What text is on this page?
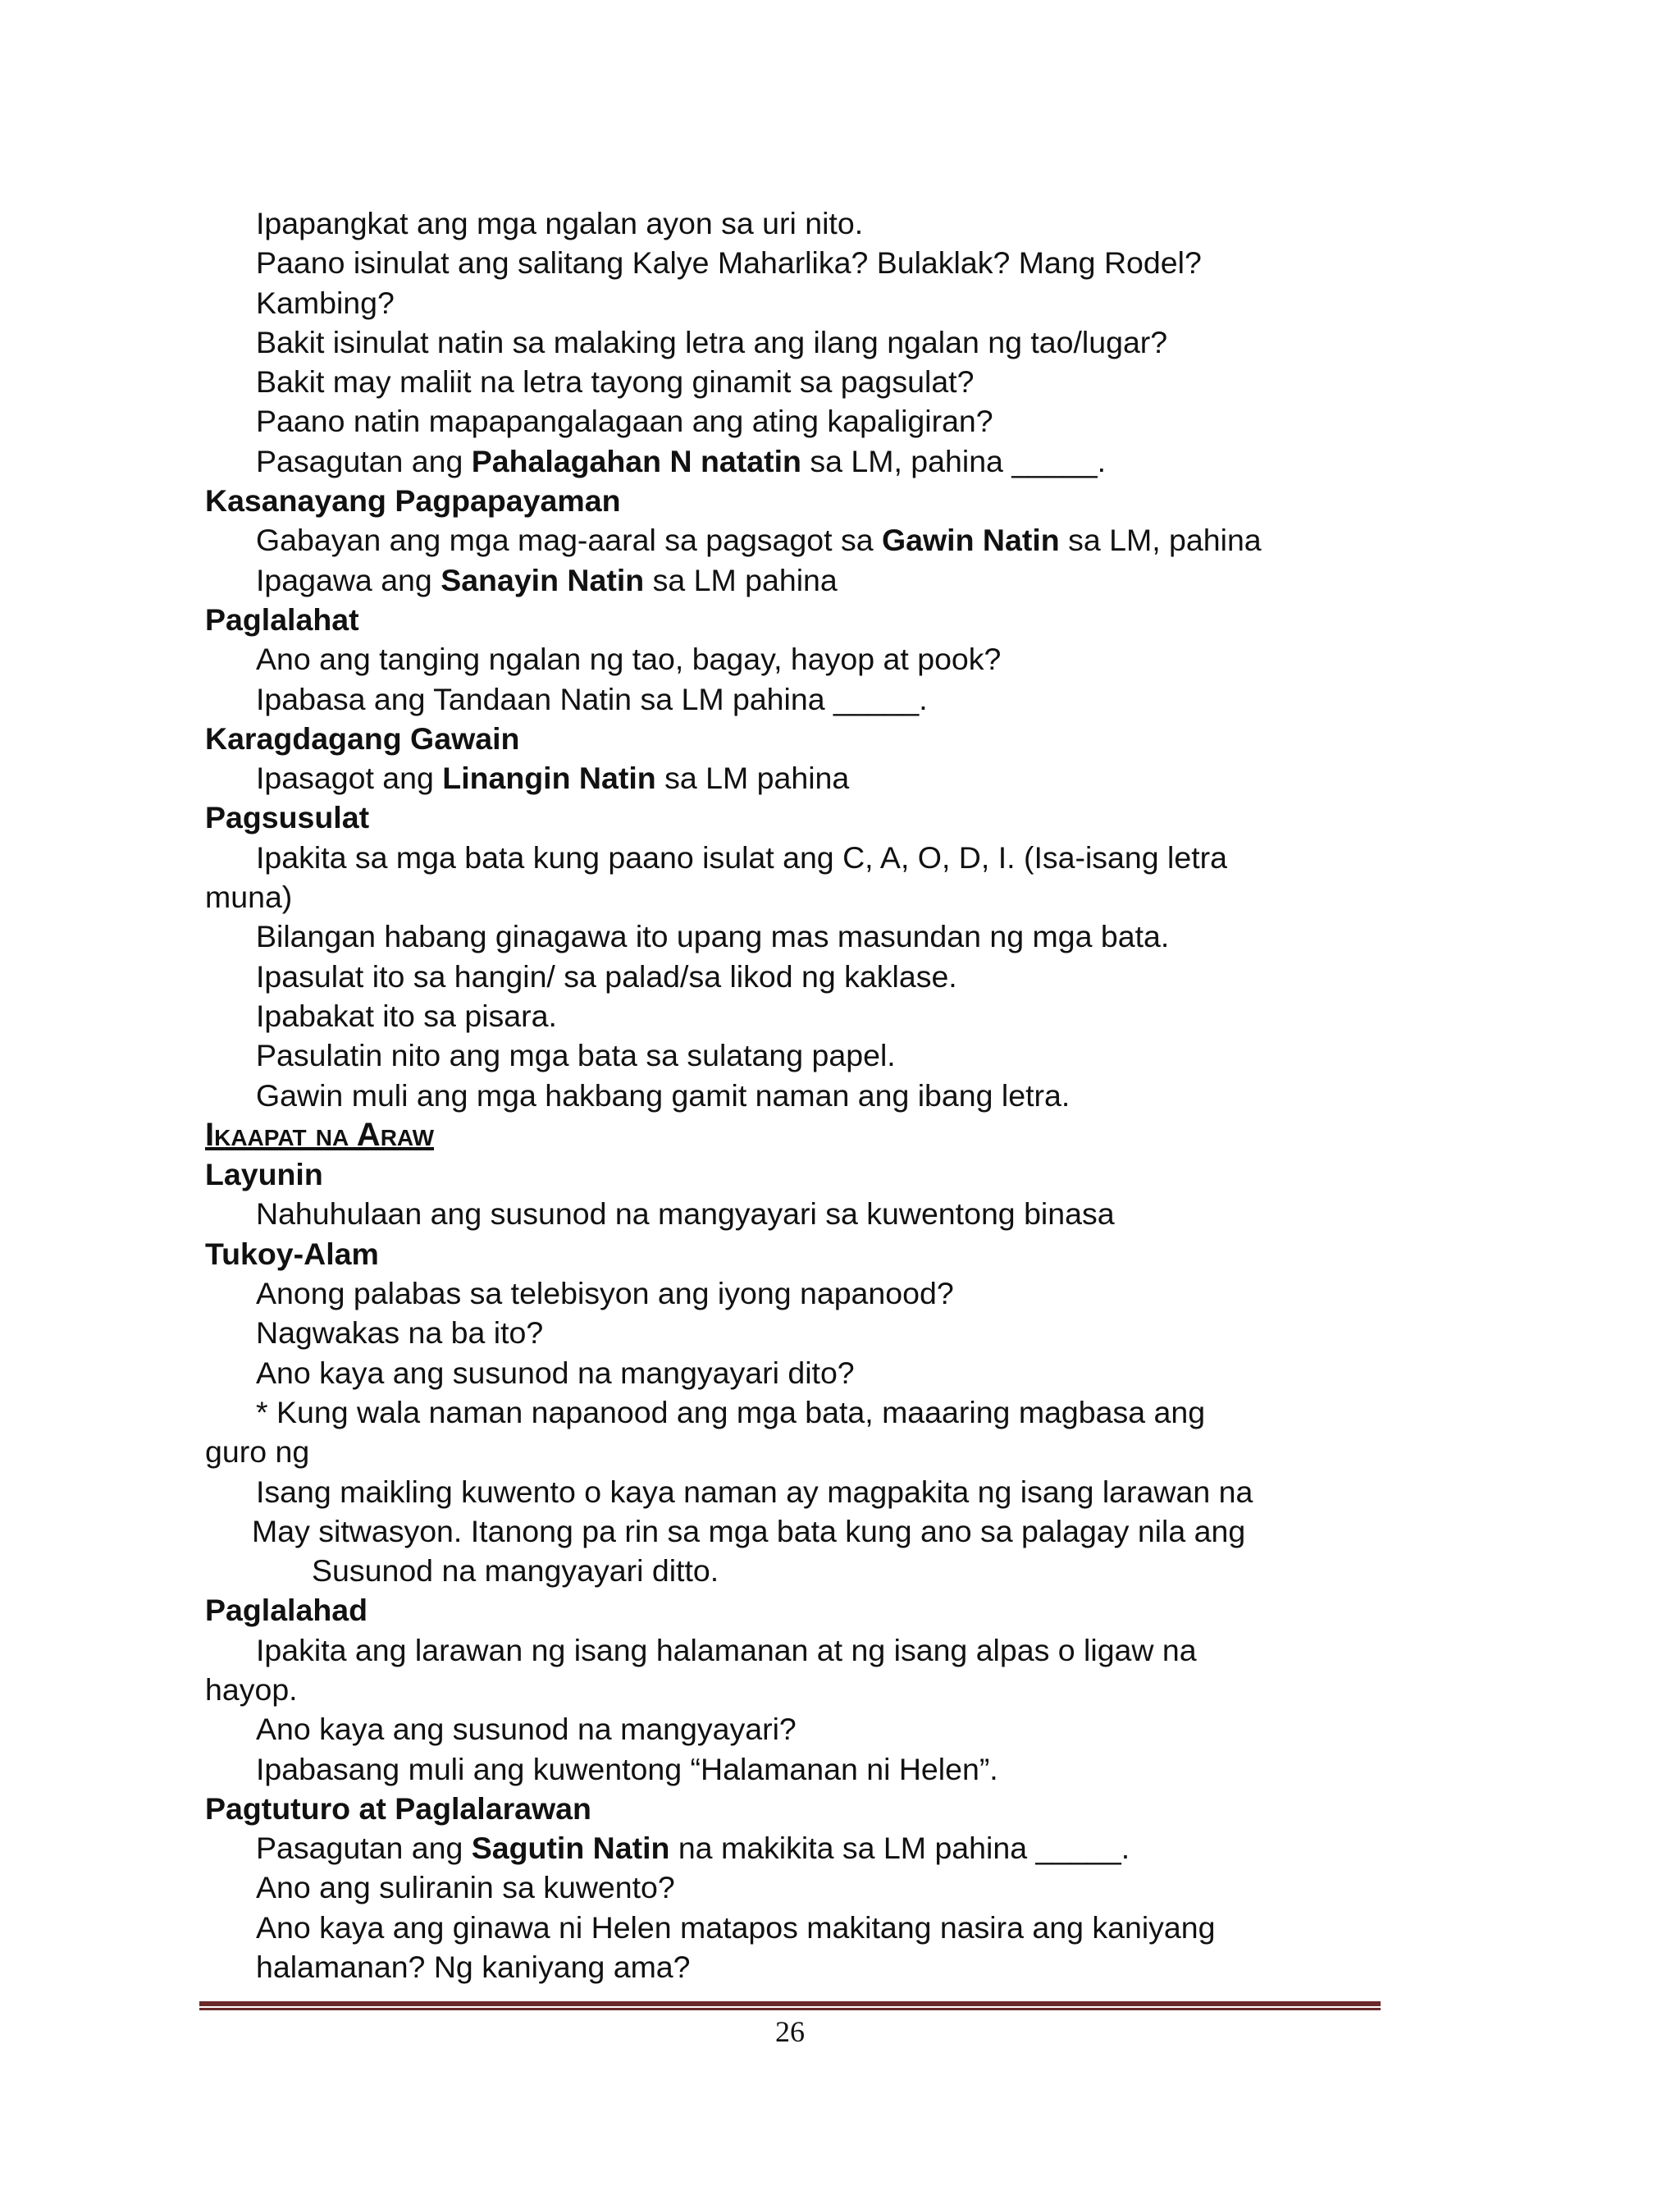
Ipapangkat ang mga ngalan ayon sa uri nito.
Paano isinulat ang salitang Kalye Maharlika? Bulaklak? Mang Rodel?
Kambing?
Bakit isinulat natin sa malaking letra ang ilang ngalan ng tao/lugar?
Bakit may maliit na letra tayong ginamit sa pagsulat?
Paano natin mapapangalagaan ang ating kapaligiran?
Pasagutan ang Pahalagahan N natatin sa LM, pahina _____.
Kasanayang Pagpapayaman
Gabayan ang mga mag-aaral sa pagsagot sa Gawin Natin sa LM, pahina
Ipagawa ang Sanayin Natin sa LM pahina
Paglalahat
Ano ang tanging ngalan ng tao, bagay, hayop at pook?
Ipabasa ang Tandaan Natin sa LM pahina _____.
Karagdagang Gawain
Ipasagot ang Linangin Natin sa LM pahina
Pagsusulat
Ipakita sa mga bata kung paano isulat ang C, A, O, D, I. (Isa-isang letra
muna)
Bilangan habang ginagawa ito upang mas masundan ng mga bata.
Ipasulat ito sa hangin/ sa palad/sa likod ng kaklase.
Ipabakat ito sa pisara.
Pasulatin nito ang mga bata sa sulatang papel.
Gawin muli ang mga hakbang gamit naman ang ibang letra.
Ikaapat na Araw
Layunin
Nahuhulaan ang susunod na mangyayari sa kuwentong binasa
Tukoy-Alam
Anong palabas sa telebisyon ang iyong napanood?
Nagwakas na ba ito?
Ano kaya ang susunod na mangyayari dito?
* Kung wala naman napanood ang mga bata, maaaring magbasa ang
guro ng
Isang maikling kuwento o kaya naman ay magpakita ng isang larawan na
May sitwasyon. Itanong pa rin sa mga bata kung ano sa palagay nila ang
Susunod na mangyayari ditto.
Paglalahad
Ipakita ang larawan ng isang halamanan at ng isang alpas o ligaw na
hayop.
Ano kaya ang susunod na mangyayari?
Ipabasang muli ang kuwentong “Halamanan ni Helen”.
Pagtuturo at Paglalarawan
Pasagutan ang Sagutin Natin na makikita sa LM pahina _____.
Ano ang suliranin sa kuwento?
Ano kaya ang ginawa ni Helen matapos makitang nasira ang kaniyang
halamanan? Ng kaniyang ama?
26
